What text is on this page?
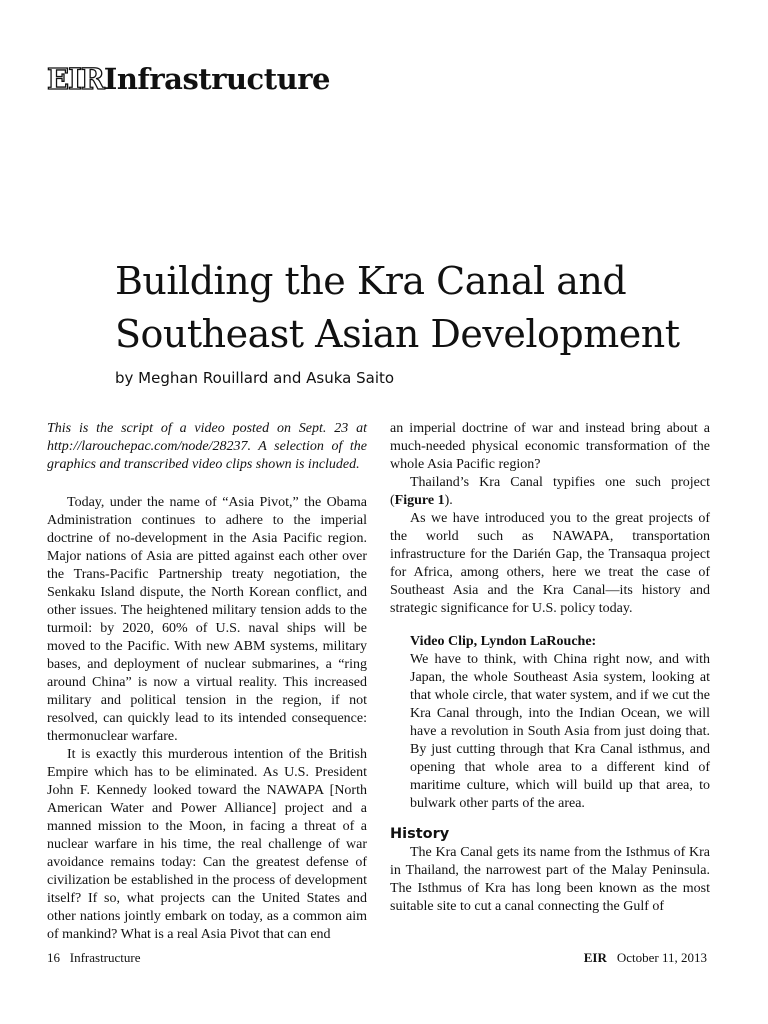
EIR Infrastructure
Building the Kra Canal and
Southeast Asian Development
by Meghan Rouillard and Asuka Saito

This is the script of a video posted on Sept. 23 at http://larouchepac.com/node/28237. A selection of the graphics and transcribed video clips shown is included.

Today, under the name of “Asia Pivot,” the Obama Administration continues to adhere to the imperial doctrine of no-development in the Asia Pacific region. Major nations of Asia are pitted against each other over the Trans-Pacific Partnership treaty negotiation, the Senkaku Island dispute, the North Korean conflict, and other issues. The heightened military tension adds to the turmoil: by 2020, 60% of U.S. naval ships will be moved to the Pacific. With new ABM systems, military bases, and deployment of nuclear submarines, a “ring around China” is now a virtual reality. This increased military and political tension in the region, if not resolved, can quickly lead to its intended consequence: thermonuclear warfare.

It is exactly this murderous intention of the British Empire which has to be eliminated. As U.S. President John F. Kennedy looked toward the NAWAPA [North American Water and Power Alliance] project and a manned mission to the Moon, in facing a threat of a nuclear warfare in his time, the real challenge of war avoidance remains today: Can the greatest defense of civilization be established in the process of development itself? If so, what projects can the United States and other nations jointly embark on today, as a common aim of mankind? What is a real Asia Pivot that can end

an imperial doctrine of war and instead bring about a much-needed physical economic transformation of the whole Asia Pacific region?

Thailand’s Kra Canal typifies one such project (Figure 1).

As we have introduced you to the great projects of the world such as NAWAPA, transportation infrastructure for the Darién Gap, the Transaqua project for Africa, among others, here we treat the case of Southeast Asia and the Kra Canal—its history and strategic significance for U.S. policy today.

Video Clip, Lyndon LaRouche:

We have to think, with China right now, and with Japan, the whole Southeast Asia system, looking at that whole circle, that water system, and if we cut the Kra Canal through, into the Indian Ocean, we will have a revolution in South Asia from just doing that. By just cutting through that Kra Canal isthmus, and opening that whole area to a different kind of maritime culture, which will build up that area, to bulwark other parts of the area.

History

The Kra Canal gets its name from the Isthmus of Kra in Thailand, the narrowest part of the Malay Peninsula. The Isthmus of Kra has long been known as the most suitable site to cut a canal connecting the Gulf of

16 Infrastructure	EIR October 11, 2013
